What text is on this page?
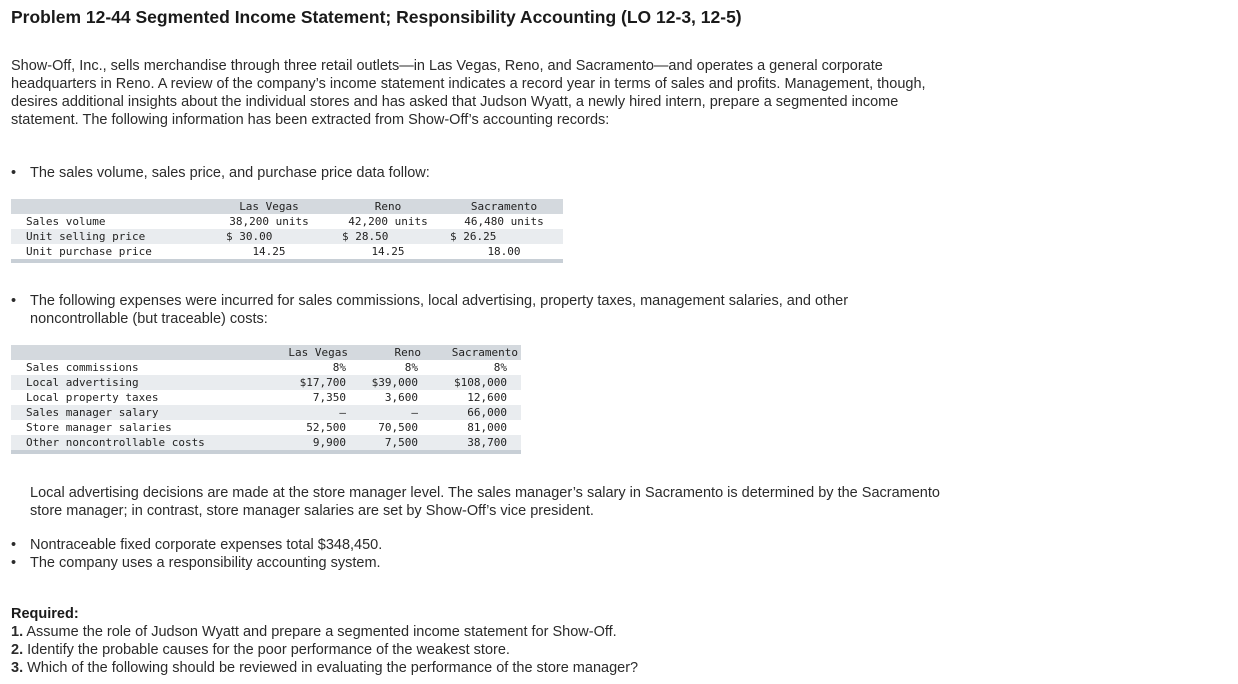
Problem 12-44 Segmented Income Statement; Responsibility Accounting (LO 12-3, 12-5)

Show-Off, Inc., sells merchandise through three retail outlets—in Las Vegas, Reno, and Sacramento—and operates a general corporate headquarters in Reno. A review of the company’s income statement indicates a record year in terms of sales and profits. Management, though, desires additional insights about the individual stores and has asked that Judson Wyatt, a newly hired intern, prepare a segmented income statement. The following information has been extracted from Show-Off’s accounting records:

• The sales volume, sales price, and purchase price data follow:
	Las Vegas	Reno	Sacramento
Sales volume	38,200 units	42,200 units	46,480 units
Unit selling price	$ 30.00	$ 28.50	$ 26.25
Unit purchase price	14.25	14.25	18.00
• The following expenses were incurred for sales commissions, local advertising, property taxes, management salaries, and other noncontrollable (but traceable) costs:
	Las Vegas	Reno	Sacramento
Sales commissions	8%	8%	8%
Local advertising	$17,700	$39,000	$108,000
Local property taxes	7,350	3,600	12,600
Sales manager salary	–	–	66,000
Store manager salaries	52,500	70,500	81,000
Other noncontrollable costs	9,900	7,500	38,700

Local advertising decisions are made at the store manager level. The sales manager’s salary in Sacramento is determined by the Sacramento store manager; in contrast, store manager salaries are set by Show-Off’s vice president.

• Nontraceable fixed corporate expenses total $348,450.
• The company uses a responsibility accounting system.
Required:
1. Assume the role of Judson Wyatt and prepare a segmented income statement for Show-Off.
2. Identify the probable causes for the poor performance of the weakest store.
3. Which of the following should be reviewed in evaluating the performance of the store manager?
